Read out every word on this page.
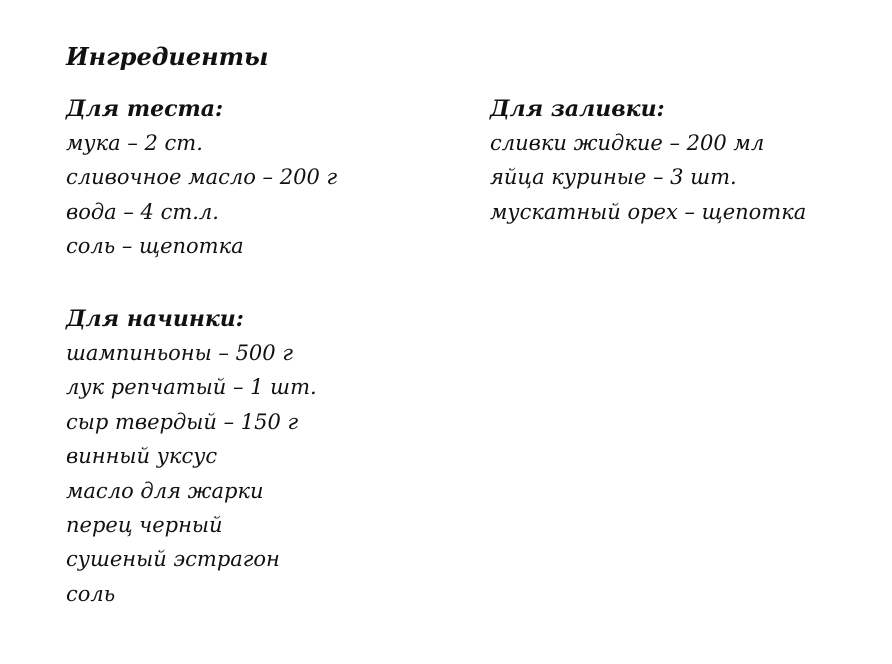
Ингредиенты
Для теста:
мука – 2 ст.
сливочное масло – 200 г
вода – 4 ст.л.
соль – щепотка
Для начинки:
шампиньоны – 500 г
лук репчатый – 1 шт.
сыр твердый – 150 г
винный уксус
масло для жарки
перец черный
сушеный эстрагон
соль
Для заливки:
сливки жидкие – 200 мл
яйца куриные – 3 шт.
мускатный орех – щепотка
